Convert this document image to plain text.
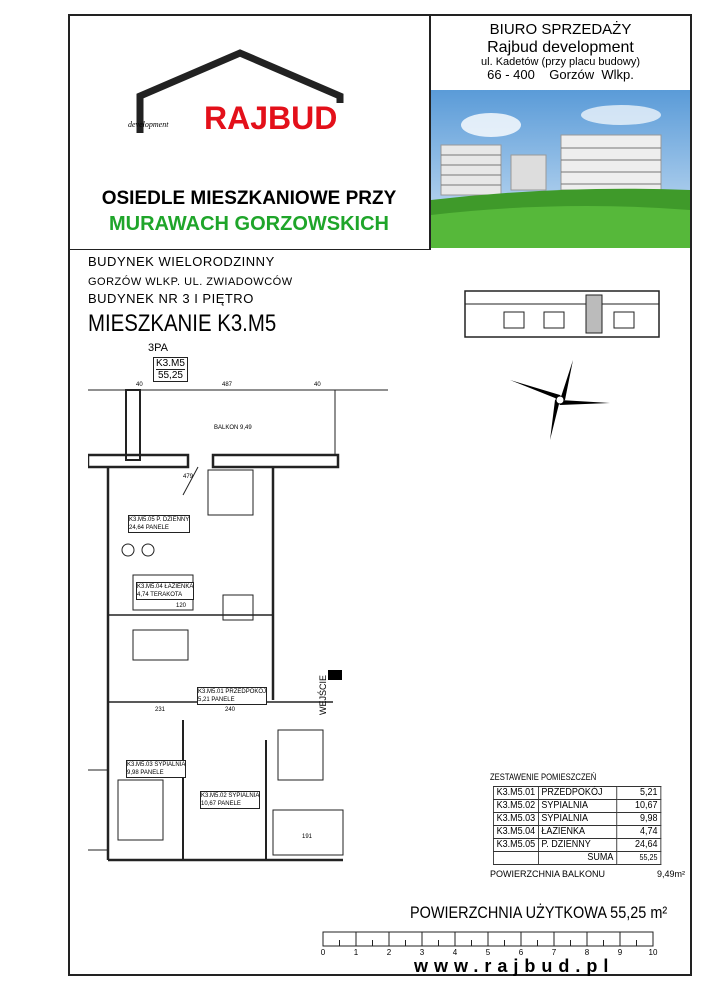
RAJBUD
development
OSIEDLE MIESZKANIOWE PRZY
MURAWACH GORZOWSKICH
BIURO SPRZEDAŻY
Rajbud development
ul. Kadetów (przy placu budowy)
66 - 400    Gorzów  Wlkp.
BUDYNEK WIELORODZINNY
GORZÓW WLKP. UL. ZWIADOWCÓW
BUDYNEK NR 3 I PIĘTRO
MIESZKANIE K3.M5
3PA
K3.M5
55,25
40	487	40
BALKON 9,49
479
120
231	240
191
WEJŚCIE
K3.M5.05 P. DZIENNY
24,64 PANELE
K3.M5.04 ŁAZIENKA
4,74 TERAKOTA
K3.M5.01 PRZEDPOKÓJ
5,21 PANELE
K3.M5.03 SYPIALNIA
9,98 PANELE
K3.M5.02 SYPIALNIA
10,67 PANELE
ZESTAWENIE POMIESZCZEŃ
K3.M5.01	PRZEDPOKÓJ	5,21
K3.M5.02	SYPIALNIA	10,67
K3.M5.03	SYPIALNIA	9,98
K3.M5.04	ŁAZIENKA	4,74
K3.M5.05	P. DZIENNY	24,64
	SUMA	55,25
POWIERZCHNIA BALKONU	9,49m²
POWIERZCHNIA UŻYTKOWA 55,25 m²
0	1	2	3	4	5	6	7	8	9	10
www.rajbud.pl
